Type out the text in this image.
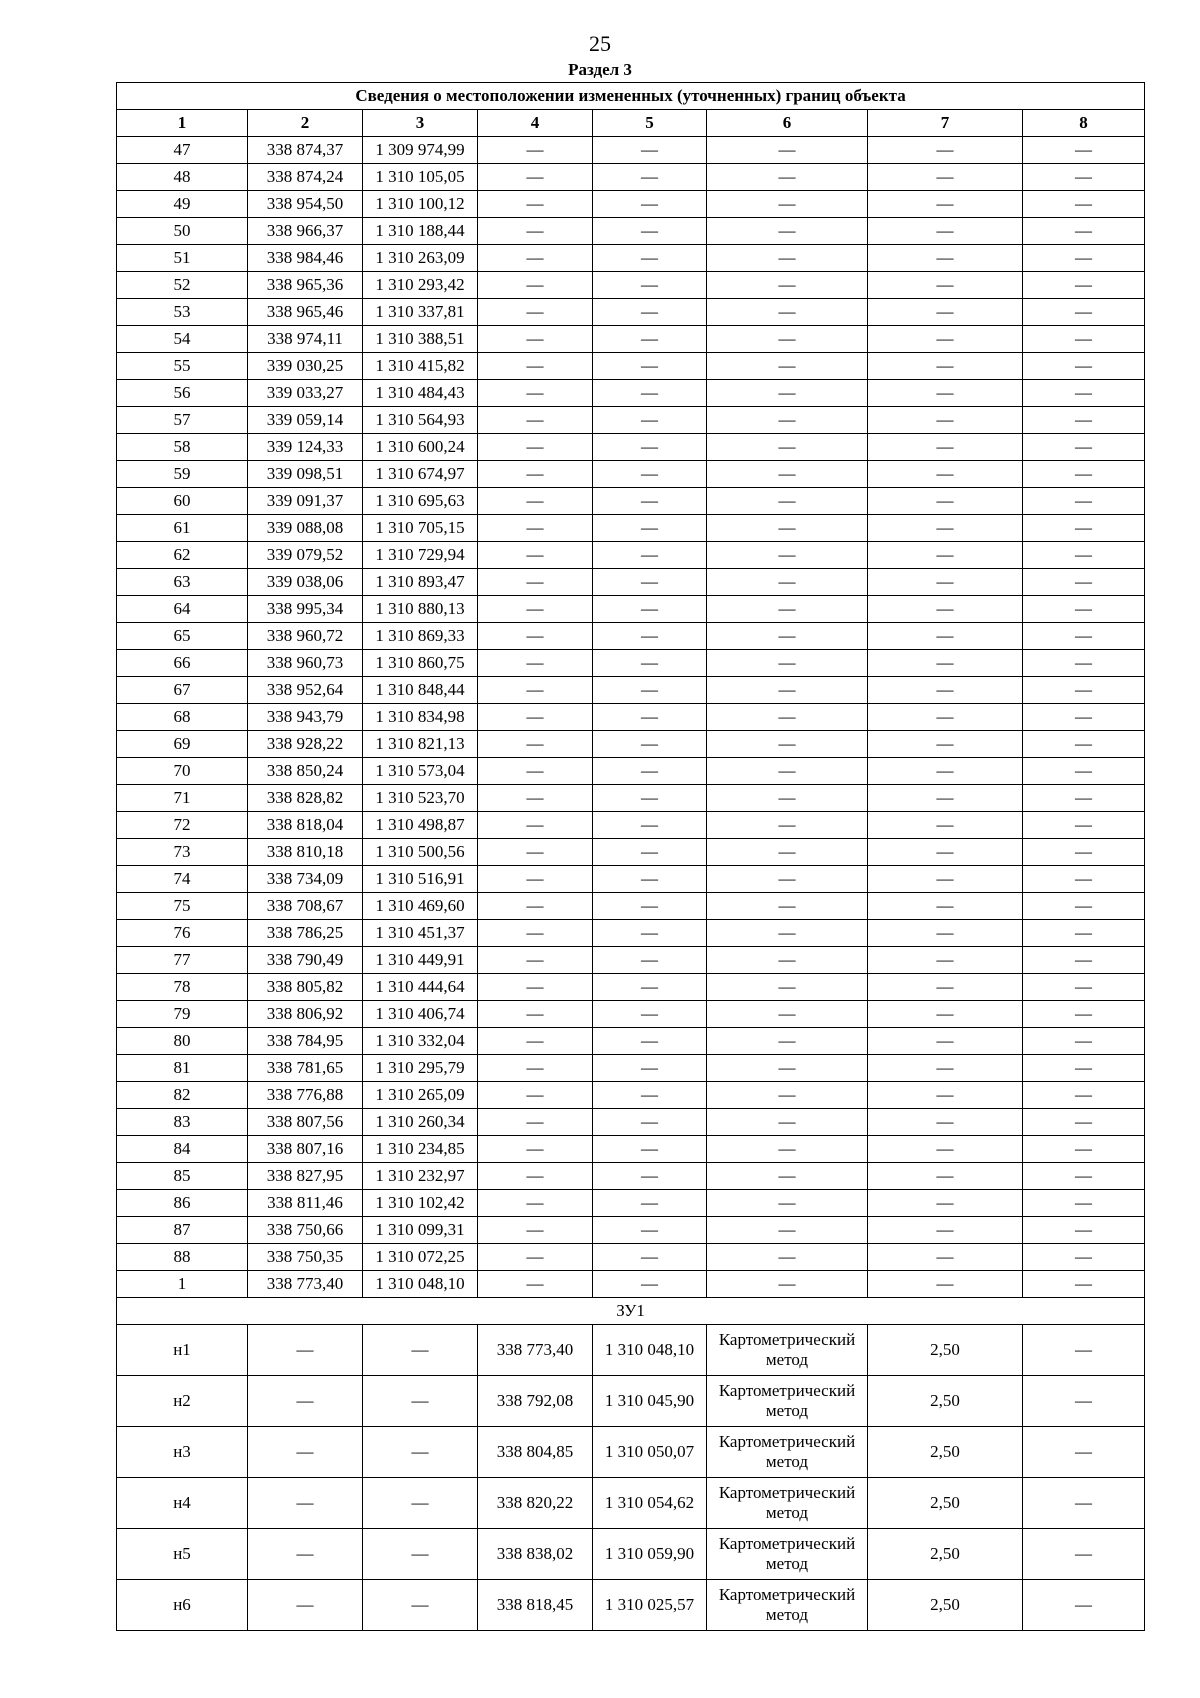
25
Раздел 3
Сведения о местоположении измененных (уточненных) границ объекта							
1	2	3	4	5	6	7	8
47	338 874,37	1 309 974,99	—	—	—	—	—
48	338 874,24	1 310 105,05	—	—	—	—	—
49	338 954,50	1 310 100,12	—	—	—	—	—
50	338 966,37	1 310 188,44	—	—	—	—	—
51	338 984,46	1 310 263,09	—	—	—	—	—
52	338 965,36	1 310 293,42	—	—	—	—	—
53	338 965,46	1 310 337,81	—	—	—	—	—
54	338 974,11	1 310 388,51	—	—	—	—	—
55	339 030,25	1 310 415,82	—	—	—	—	—
56	339 033,27	1 310 484,43	—	—	—	—	—
57	339 059,14	1 310 564,93	—	—	—	—	—
58	339 124,33	1 310 600,24	—	—	—	—	—
59	339 098,51	1 310 674,97	—	—	—	—	—
60	339 091,37	1 310 695,63	—	—	—	—	—
61	339 088,08	1 310 705,15	—	—	—	—	—
62	339 079,52	1 310 729,94	—	—	—	—	—
63	339 038,06	1 310 893,47	—	—	—	—	—
64	338 995,34	1 310 880,13	—	—	—	—	—
65	338 960,72	1 310 869,33	—	—	—	—	—
66	338 960,73	1 310 860,75	—	—	—	—	—
67	338 952,64	1 310 848,44	—	—	—	—	—
68	338 943,79	1 310 834,98	—	—	—	—	—
69	338 928,22	1 310 821,13	—	—	—	—	—
70	338 850,24	1 310 573,04	—	—	—	—	—
71	338 828,82	1 310 523,70	—	—	—	—	—
72	338 818,04	1 310 498,87	—	—	—	—	—
73	338 810,18	1 310 500,56	—	—	—	—	—
74	338 734,09	1 310 516,91	—	—	—	—	—
75	338 708,67	1 310 469,60	—	—	—	—	—
76	338 786,25	1 310 451,37	—	—	—	—	—
77	338 790,49	1 310 449,91	—	—	—	—	—
78	338 805,82	1 310 444,64	—	—	—	—	—
79	338 806,92	1 310 406,74	—	—	—	—	—
80	338 784,95	1 310 332,04	—	—	—	—	—
81	338 781,65	1 310 295,79	—	—	—	—	—
82	338 776,88	1 310 265,09	—	—	—	—	—
83	338 807,56	1 310 260,34	—	—	—	—	—
84	338 807,16	1 310 234,85	—	—	—	—	—
85	338 827,95	1 310 232,97	—	—	—	—	—
86	338 811,46	1 310 102,42	—	—	—	—	—
87	338 750,66	1 310 099,31	—	—	—	—	—
88	338 750,35	1 310 072,25	—	—	—	—	—
1	338 773,40	1 310 048,10	—	—	—	—	—
ЗУ1							
н1	—	—	338 773,40	1 310 048,10	Картометрический метод	2,50	—
н2	—	—	338 792,08	1 310 045,90	Картометрический метод	2,50	—
н3	—	—	338 804,85	1 310 050,07	Картометрический метод	2,50	—
н4	—	—	338 820,22	1 310 054,62	Картометрический метод	2,50	—
н5	—	—	338 838,02	1 310 059,90	Картометрический метод	2,50	—
н6	—	—	338 818,45	1 310 025,57	Картометрический метод	2,50	—
